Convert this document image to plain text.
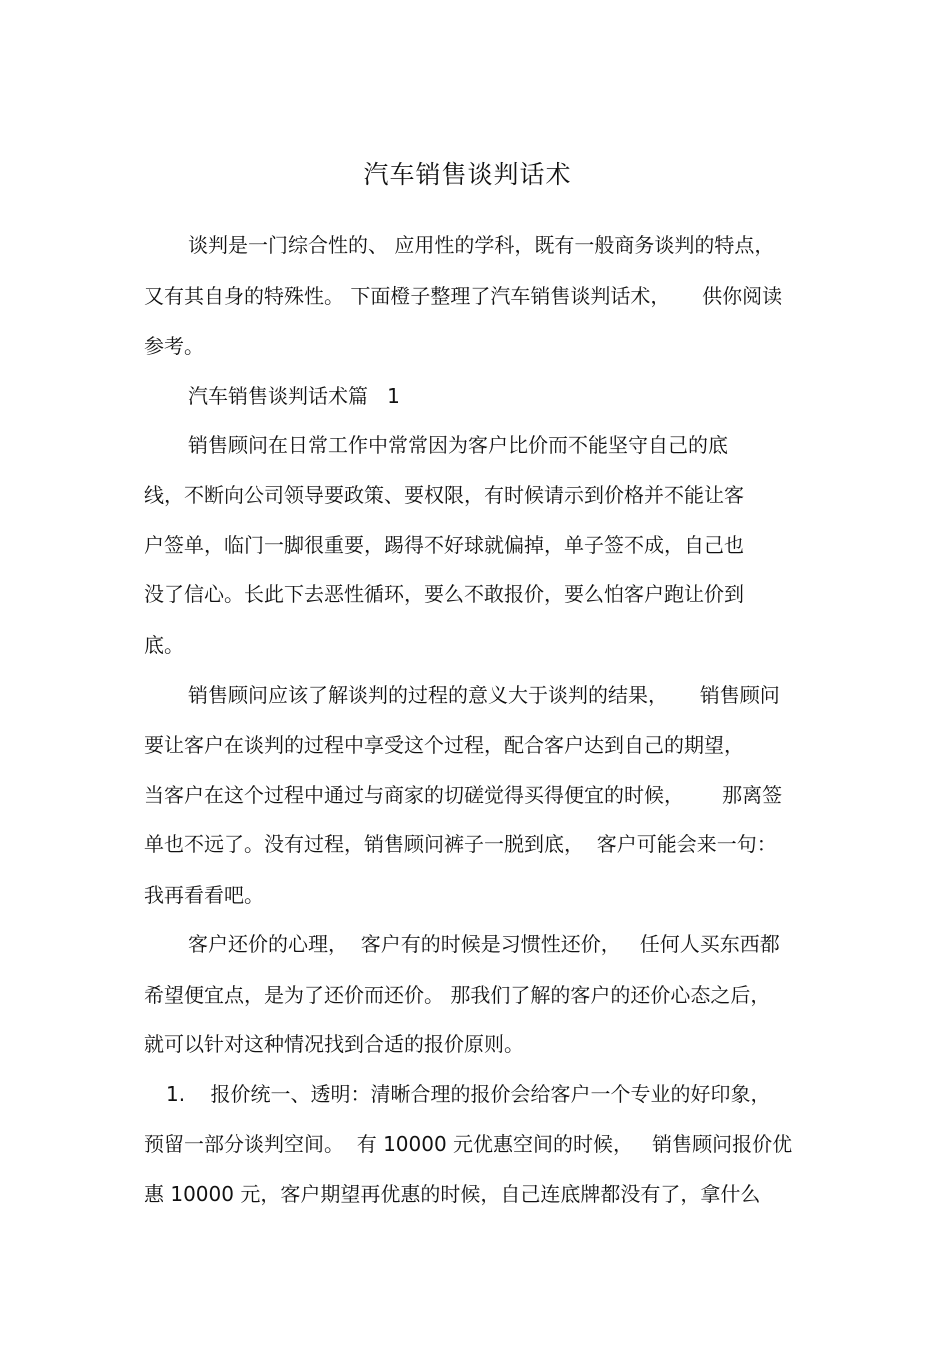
汽车销售谈判话术
谈判是一门综合性的、 应用性的学科，既有一般商务谈判的特点，
又有其自身的特殊性。 下面橙子整理了汽车销售谈判话术，     供你阅读
参考。
汽车销售谈判话术篇   1
销售顾问在日常工作中常常因为客户比价而不能坚守自己的底
线，不断向公司领导要政策、要权限，有时候请示到价格并不能让客
户签单，临门一脚很重要，踢得不好球就偏掉，单子签不成，自己也
没了信心。长此下去恶性循环，要么不敢报价，要么怕客户跑让价到
底。
销售顾问应该了解谈判的过程的意义大于谈判的结果，     销售顾问
要让客户在谈判的过程中享受这个过程，配合客户达到自己的期望，
当客户在这个过程中通过与商家的切磋觉得买得便宜的时候，      那离签
单也不远了。没有过程，销售顾问裤子一脱到底，  客户可能会来一句：
我再看看吧。
客户还价的心理，  客户有的时候是习惯性还价，   任何人买东西都
希望便宜点，是为了还价而还价。 那我们了解的客户的还价心态之后，
就可以针对这种情况找到合适的报价原则。
1.    报价统一、透明：清晰合理的报价会给客户一个专业的好印象，
预留一部分谈判空间。  有 10000 元优惠空间的时候，   销售顾问报价优
惠 10000 元，客户期望再优惠的时候，自己连底牌都没有了，拿什么
